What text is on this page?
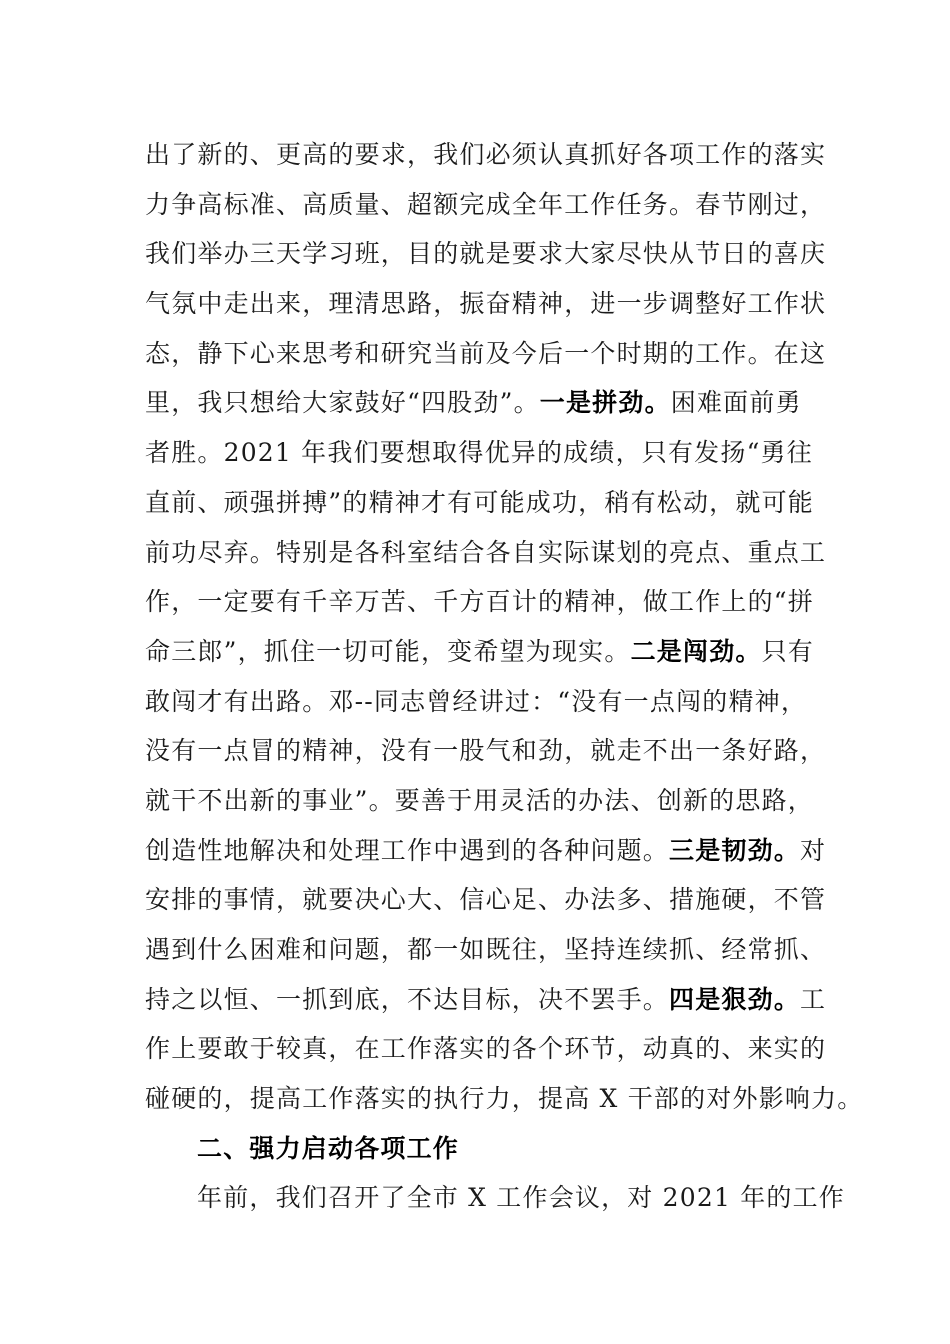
出了新的、更高的要求，我们必须认真抓好各项工作的落实
力争高标准、高质量、超额完成全年工作任务。春节刚过，
我们举办三天学习班，目的就是要求大家尽快从节日的喜庆
气氛中走出来，理清思路，振奋精神，进一步调整好工作状
态，静下心来思考和研究当前及今后一个时期的工作。在这
里，我只想给大家鼓好“四股劲”。一是拼劲。困难面前勇
者胜。2021 年我们要想取得优异的成绩，只有发扬“勇往
直前、顽强拼搏”的精神才有可能成功，稍有松动，就可能
前功尽弃。特别是各科室结合各自实际谋划的亮点、重点工
作，一定要有千辛万苦、千方百计的精神，做工作上的“拼
命三郎”，抓住一切可能，变希望为现实。二是闯劲。只有
敢闯才有出路。邓--同志曾经讲过：“没有一点闯的精神，
没有一点冒的精神，没有一股气和劲，就走不出一条好路，
就干不出新的事业”。要善于用灵活的办法、创新的思路，
创造性地解决和处理工作中遇到的各种问题。三是韧劲。对
安排的事情，就要决心大、信心足、办法多、措施硬，不管
遇到什么困难和问题，都一如既往，坚持连续抓、经常抓、
持之以恒、一抓到底，不达目标，决不罢手。四是狠劲。工
作上要敢于较真，在工作落实的各个环节，动真的、来实的
碰硬的，提高工作落实的执行力，提高 X 干部的对外影响力。
二、强力启动各项工作
年前，我们召开了全市 X 工作会议，对 2021 年的工作
